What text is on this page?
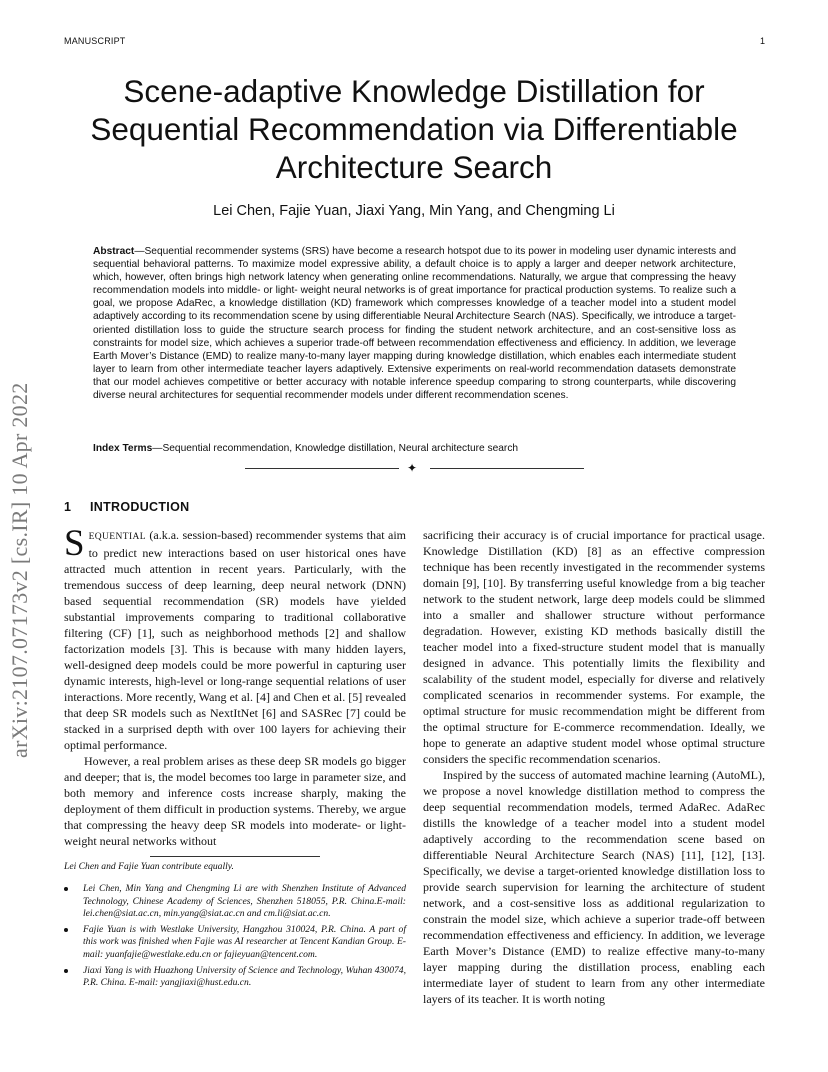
MANUSCRIPT	1
arXiv:2107.07173v2 [cs.IR] 10 Apr 2022
Scene-adaptive Knowledge Distillation for Sequential Recommendation via Differentiable Architecture Search
Lei Chen, Fajie Yuan, Jiaxi Yang, Min Yang, and Chengming Li
Abstract—Sequential recommender systems (SRS) have become a research hotspot due to its power in modeling user dynamic interests and sequential behavioral patterns. To maximize model expressive ability, a default choice is to apply a larger and deeper network architecture, which, however, often brings high network latency when generating online recommendations. Naturally, we argue that compressing the heavy recommendation models into middle- or light- weight neural networks is of great importance for practical production systems. To realize such a goal, we propose AdaRec, a knowledge distillation (KD) framework which compresses knowledge of a teacher model into a student model adaptively according to its recommendation scene by using differentiable Neural Architecture Search (NAS). Specifically, we introduce a target-oriented distillation loss to guide the structure search process for finding the student network architecture, and an cost-sensitive loss as constraints for model size, which achieves a superior trade-off between recommendation effectiveness and efficiency. In addition, we leverage Earth Mover’s Distance (EMD) to realize many-to-many layer mapping during knowledge distillation, which enables each intermediate student layer to learn from other intermediate teacher layers adaptively. Extensive experiments on real-world recommendation datasets demonstrate that our model achieves competitive or better accuracy with notable inference speedup comparing to strong counterparts, while discovering diverse neural architectures for sequential recommender models under different recommendation scenes.
Index Terms—Sequential recommendation, Knowledge distillation, Neural architecture search
✦
1 INTRODUCTION

SEQUENTIAL (a.k.a. session-based) recommender systems that aim to predict new interactions based on user historical ones have attracted much attention in recent years. Particularly, with the tremendous success of deep learning, deep neural network (DNN) based sequential recommendation (SR) models have yielded substantial improvements comparing to traditional collaborative filtering (CF) [1], such as neighborhood methods [2] and shallow factorization models [3]. This is because with many hidden layers, well-designed deep models could be more powerful in capturing user dynamic interests, high-level or long-range sequential relations of user interactions. More recently, Wang et al. [4] and Chen et al. [5] revealed that deep SR models such as NextItNet [6] and SASRec [7] could be stacked in a surprised depth with over 100 layers for achieving their optimal performance.

However, a real problem arises as these deep SR models go bigger and deeper; that is, the model becomes too large in parameter size, and both memory and inference costs increase sharply, making the deployment of them difficult in production systems. Thereby, we argue that compressing the heavy deep SR models into moderate- or light-weight neural networks without

sacrificing their accuracy is of crucial importance for practical usage. Knowledge Distillation (KD) [8] as an effective compression technique has been recently investigated in the recommender systems domain [9], [10]. By transferring useful knowledge from a big teacher network to the student network, large deep models could be slimmed into a smaller and shallower structure without performance degradation. However, existing KD methods basically distill the teacher model into a fixed-structure student model that is manually designed in advance. This potentially limits the flexibility and scalability of the student model, especially for diverse and relatively complicated scenarios in recommender systems. For example, the optimal structure for music recommendation might be different from the optimal structure for E-commerce recommendation. Ideally, we hope to generate an adaptive student model whose optimal structure considers the specific recommendation scenarios.

Inspired by the success of automated machine learning (AutoML), we propose a novel knowledge distillation method to compress the deep sequential recommendation models, termed AdaRec. AdaRec distills the knowledge of a teacher model into a student model adaptively according to the recommendation scene based on differentiable Neural Architecture Search (NAS) [11], [12], [13]. Specifically, we devise a target-oriented knowledge distillation loss to provide search supervision for learning the architecture of student network, and a cost-sensitive loss as additional regularization to constrain the model size, which achieve a superior trade-off between recommendation effectiveness and efficiency. In addition, we leverage Earth Mover’s Distance (EMD) to realize effective many-to-many layer mapping during the distillation process, enabling each intermediate layer of student to learn from any other intermediate layers of its teacher. It is worth noting

Lei Chen and Fajie Yuan contribute equally.

Lei Chen, Min Yang and Chengming Li are with Shenzhen Institute of Advanced Technology, Chinese Academy of Sciences, Shenzhen 518055, P.R. China.E-mail: lei.chen@siat.ac.cn, min.yang@siat.ac.cn and cm.li@siat.ac.cn.
Fajie Yuan is with Westlake University, Hangzhou 310024, P.R. China. A part of this work was finished when Fajie was AI researcher at Tencent Kandian Group. E-mail: yuanfajie@westlake.edu.cn or fajieyuan@tencent.com.
Jiaxi Yang is with Huazhong University of Science and Technology, Wuhan 430074, P.R. China. E-mail: yangjiaxi@hust.edu.cn.
